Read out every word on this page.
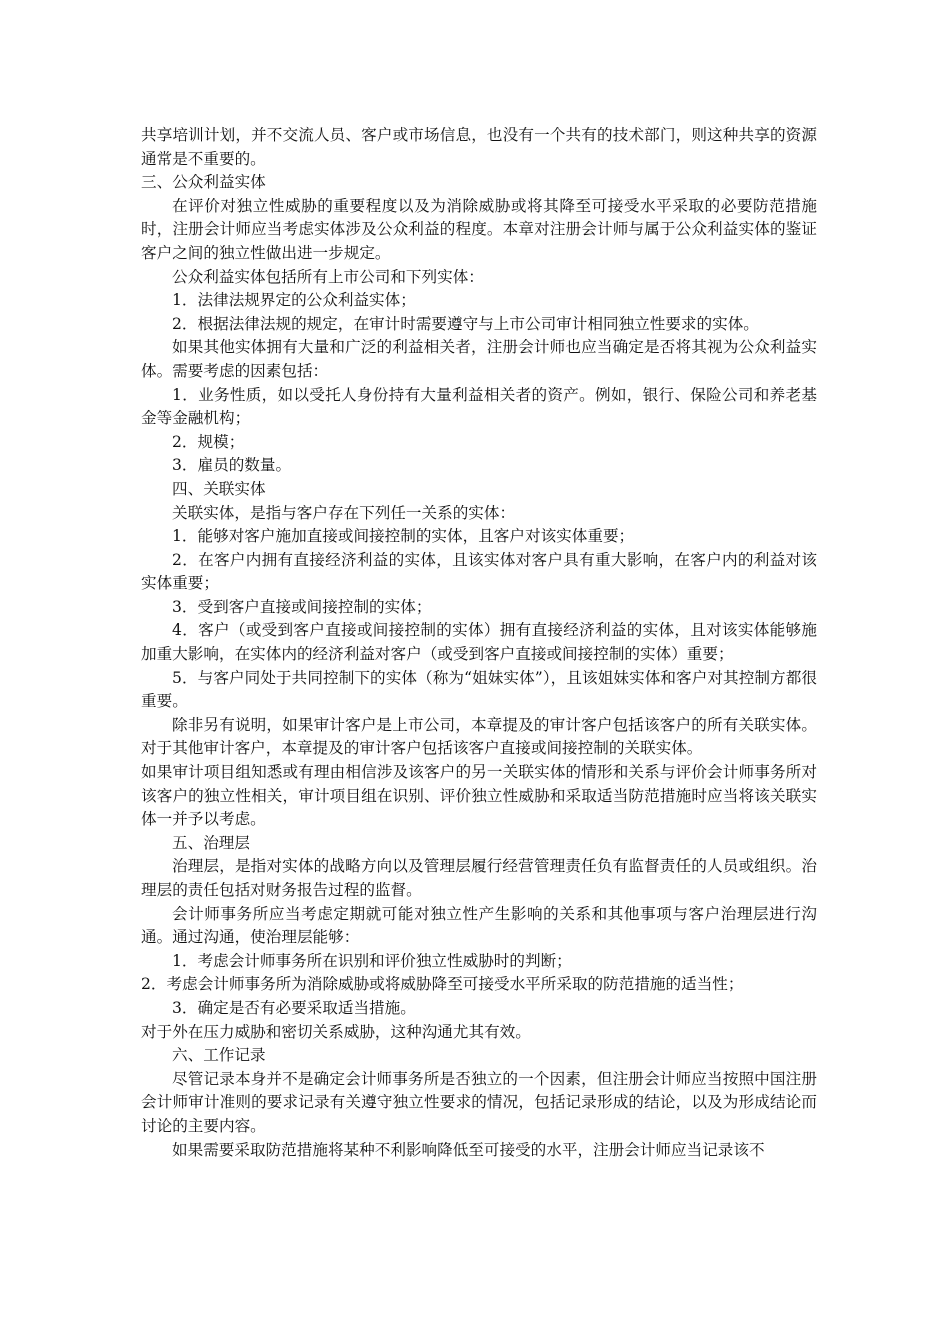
共享培训计划，并不交流人员、客户或市场信息，也没有一个共有的技术部门，则这种共享的资源通常是不重要的。

三、公众利益实体

在评价对独立性威胁的重要程度以及为消除威胁或将其降至可接受水平采取的必要防范措施时，注册会计师应当考虑实体涉及公众利益的程度。本章对注册会计师与属于公众利益实体的鉴证客户之间的独立性做出进一步规定。

公众利益实体包括所有上市公司和下列实体：

1．法律法规界定的公众利益实体；

2．根据法律法规的规定，在审计时需要遵守与上市公司审计相同独立性要求的实体。

如果其他实体拥有大量和广泛的利益相关者，注册会计师也应当确定是否将其视为公众利益实体。需要考虑的因素包括：

1．业务性质，如以受托人身份持有大量利益相关者的资产。例如，银行、保险公司和养老基金等金融机构；

2．规模；

3．雇员的数量。

四、关联实体

关联实体，是指与客户存在下列任一关系的实体：

1．能够对客户施加直接或间接控制的实体，且客户对该实体重要；

2．在客户内拥有直接经济利益的实体，且该实体对客户具有重大影响，在客户内的利益对该实体重要；

3．受到客户直接或间接控制的实体；

4．客户（或受到客户直接或间接控制的实体）拥有直接经济利益的实体，且对该实体能够施加重大影响，在实体内的经济利益对客户（或受到客户直接或间接控制的实体）重要；

5．与客户同处于共同控制下的实体（称为“姐妹实体”），且该姐妹实体和客户对其控制方都很重要。

除非另有说明，如果审计客户是上市公司，本章提及的审计客户包括该客户的所有关联实体。对于其他审计客户，本章提及的审计客户包括该客户直接或间接控制的关联实体。

如果审计项目组知悉或有理由相信涉及该客户的另一关联实体的情形和关系与评价会计师事务所对该客户的独立性相关，审计项目组在识别、评价独立性威胁和采取适当防范措施时应当将该关联实体一并予以考虑。

五、治理层

治理层，是指对实体的战略方向以及管理层履行经营管理责任负有监督责任的人员或组织。治理层的责任包括对财务报告过程的监督。

会计师事务所应当考虑定期就可能对独立性产生影响的关系和其他事项与客户治理层进行沟通。通过沟通，使治理层能够：

1．考虑会计师事务所在识别和评价独立性威胁时的判断；

2．考虑会计师事务所为消除威胁或将威胁降至可接受水平所采取的防范措施的适当性；

3．确定是否有必要采取适当措施。

对于外在压力威胁和密切关系威胁，这种沟通尤其有效。

六、工作记录

尽管记录本身并不是确定会计师事务所是否独立的一个因素，但注册会计师应当按照中国注册会计师审计准则的要求记录有关遵守独立性要求的情况，包括记录形成的结论，以及为形成结论而讨论的主要内容。

如果需要采取防范措施将某种不利影响降低至可接受的水平，注册会计师应当记录该不
